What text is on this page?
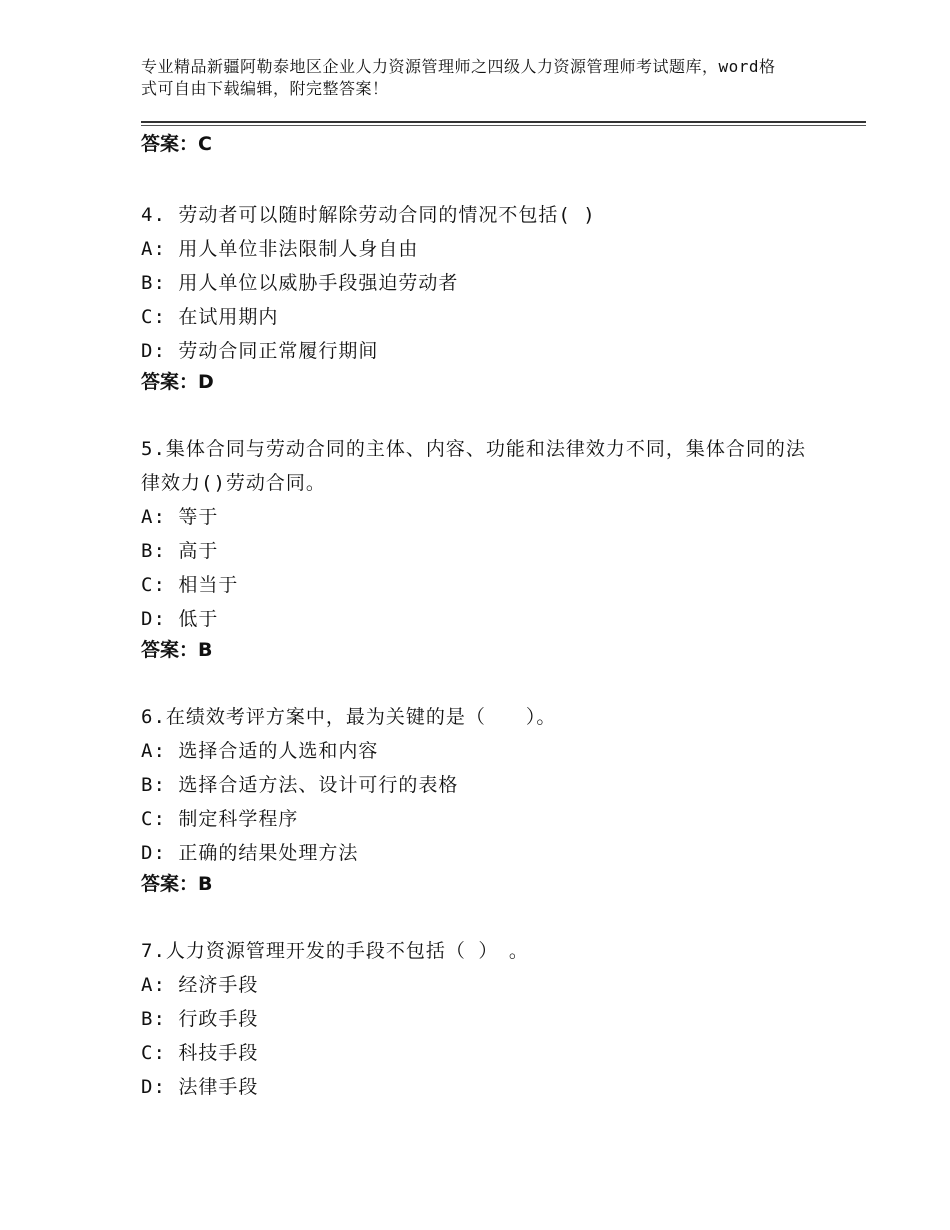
专业精品新疆阿勒泰地区企业人力资源管理师之四级人力资源管理师考试题库，word格式可自由下载编辑，附完整答案！

答案：C

4. 劳动者可以随时解除劳动合同的情况不包括( )

A: 用人单位非法限制人身自由

B: 用人单位以威胁手段强迫劳动者

C: 在试用期内

D: 劳动合同正常履行期间

答案：D

5.集体合同与劳动合同的主体、内容、功能和法律效力不同，集体合同的法律效力()劳动合同。

A: 等于

B: 高于

C: 相当于

D: 低于

答案：B

6.在绩效考评方案中，最为关键的是（　　）。

A: 选择合适的人选和内容

B: 选择合适方法、设计可行的表格

C: 制定科学程序

D: 正确的结果处理方法

答案：B

7.人力资源管理开发的手段不包括（ ）　。

A: 经济手段

B: 行政手段

C: 科技手段

D: 法律手段
